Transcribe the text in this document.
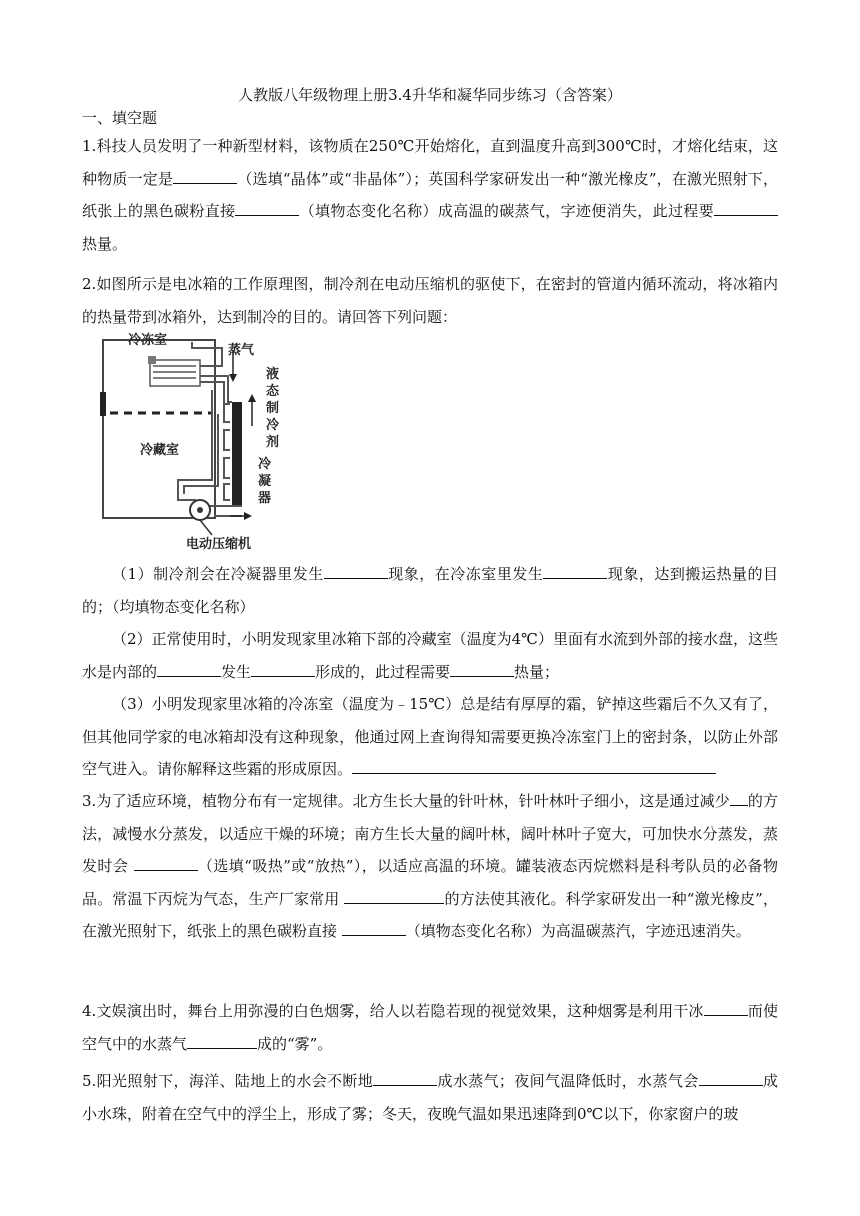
人教版八年级物理上册3.4升华和凝华同步练习（含答案）
一、填空题
1.科技人员发明了一种新型材料，该物质在250℃开始熔化，直到温度升高到300℃时，才熔化结束，这种物质一定是	（选填“晶体”或“非晶体”）；英国科学家研发出一种“激光橡皮”，在激光照射下，纸张上的黑色碳粉直接	（填物态变化名称）成高温的碳蒸气，字迹便消失，此过程要热量。
2.如图所示是电冰箱的工作原理图，制冷剂在电动压缩机的驱使下，在密封的管道内循环流动，将冰箱内的热量带到冰箱外，达到制冷的目的。请回答下列问题：
冷冻室
蒸气
液
态
制
冷
剂
冷藏室
冷
凝
器
电动压缩机
（1）制冷剂会在冷凝器里发生	现象，在冷冻室里发生	现象，达到搬运热量的目的；（均填物态变化名称）
（2）正常使用时，小明发现家里冰箱下部的冷藏室（温度为4℃）里面有水流到外部的接水盘，这些水是内部的	发生	形成的，此过程需要	热量；
（3）小明发现家里冰箱的冷冻室（温度为﹣15℃）总是结有厚厚的霜，铲掉这些霜后不久又有了，但其他同学家的电冰箱却没有这种现象，他通过网上查询得知需要更换冷冻室门上的密封条，以防止外部空气进入。请你解释这些霜的形成原因。
3.为了适应环境，植物分布有一定规律。北方生长大量的针叶林，针叶林叶子细小，这是通过减少 的方法，减慢水分蒸发，以适应干燥的环境；南方生长大量的阔叶林，阔叶林叶子宽大，可加快水分蒸发，蒸发时会	（选填“吸热”或“放热”），以适应高温的环境。罐装液态丙烷燃料是科考队员的必备物品。常温下丙烷为气态，生产厂家常用	的方法使其液化。科学家研发出一种“激光橡皮”，在激光照射下，纸张上的黑色碳粉直接	（填物态变化名称）为高温碳蒸汽，字迹迅速消失。
4.文娱演出时，舞台上用弥漫的白色烟雾，给人以若隐若现的视觉效果，这种烟雾是利用干冰	而使空气中的水蒸气	成的“雾”。
5.阳光照射下，海洋、陆地上的水会不断地	成水蒸气；夜间气温降低时，水蒸气会	成小水珠，附着在空气中的浮尘上，形成了雾；冬天，夜晚气温如果迅速降到0℃以下，你家窗户的玻
